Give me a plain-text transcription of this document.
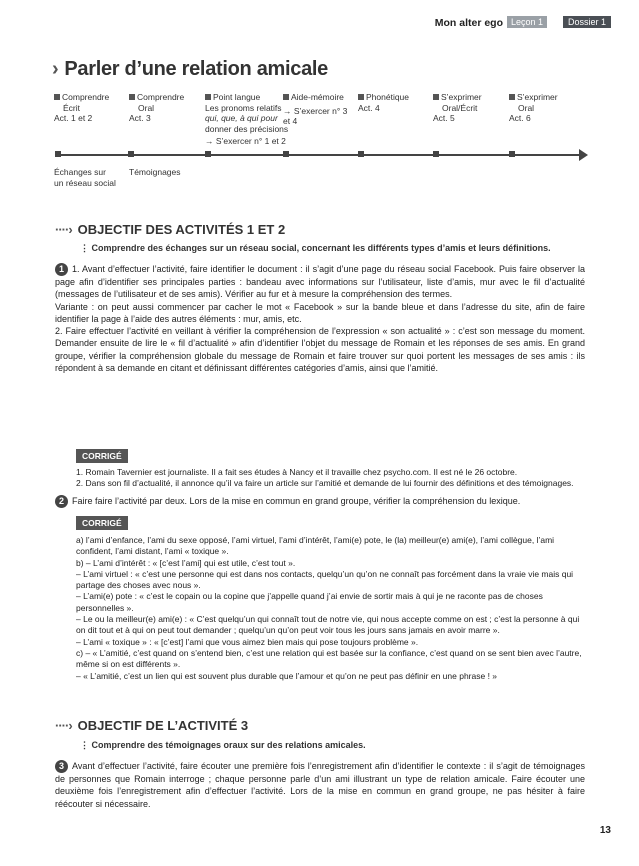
Mon alter ego Leçon 1	Dossier 1
› Parler d’une relation amicale
Comprendre
Écrit
Act. 1 et 2
Comprendre
Oral
Act. 3
Point langue
Les pronoms relatifs
qui, que, à qui pour
donner des précisions
→ S’exercer n° 1 et 2
Aide-mémoire
→ S’exercer n° 3
et 4
Phonétique
Act. 4
S’exprimer
Oral/Écrit
Act. 5
S’exprimer
Oral
Act. 6
Échanges sur
un réseau social
Témoignages
····› OBJECTIF DES ACTIVITÉS 1 ET 2
⋮ Comprendre des échanges sur un réseau social, concernant les différents types d’amis et leurs définitions.
1 1. Avant d’effectuer l’activité, faire identifier le document : il s’agit d’une page du réseau social Facebook. Puis faire observer la page afin d’identifier ses principales parties : bandeau avec informations sur l’utilisateur, liste d’amis, mur avec le fil d’actualité (messages de l’utilisateur et de ses amis). Vérifier au fur et à mesure la compréhension des termes.
Variante : on peut aussi commencer par cacher le mot « Facebook » sur la bande bleue et dans l’adresse du site, afin de faire identifier la page à l’aide des autres éléments : mur, amis, etc.
2. Faire effectuer l’activité en veillant à vérifier la compréhension de l’expression « son actualité » : c’est son message du moment. Demander ensuite de lire le « fil d’actualité » afin d’identifier l’objet du message de Romain et les réponses de ses amis. En grand groupe, vérifier la compréhension globale du message de Romain et faire trouver sur quoi portent les messages de ses amis : ils répondent à sa demande en citant et définissant différentes catégories d’amis, ainsi que l’amitié.
CORRIGÉ
1. Romain Tavernier est journaliste. Il a fait ses études à Nancy et il travaille chez psycho.com. Il est né le 26 octobre.
2. Dans son fil d’actualité, il annonce qu’il va faire un article sur l’amitié et demande de lui fournir des définitions et des témoignages.
2 Faire faire l’activité par deux. Lors de la mise en commun en grand groupe, vérifier la compréhension du lexique.
CORRIGÉ
a) l’ami d’enfance, l’ami du sexe opposé, l’ami virtuel, l’ami d’intérêt, l’ami(e) pote, le (la) meilleur(e) ami(e), l’ami collègue, l’ami confident, l’ami distant, l’ami « toxique ».
b) – L’ami d’intérêt : « [c’est l’ami] qui est utile, c’est tout ».
– L’ami virtuel : « c’est une personne qui est dans nos contacts, quelqu’un qu’on ne connaît pas forcément dans la vraie vie mais qui partage des choses avec nous ».
– L’ami(e) pote : « c’est le copain ou la copine que j’appelle quand j’ai envie de sortir mais à qui je ne raconte pas de choses personnelles ».
– Le ou la meilleur(e) ami(e) : « C’est quelqu’un qui connaît tout de notre vie, qui nous accepte comme on est ; c’est la personne à qui on dit tout et à qui on peut tout demander ; quelqu’un qu’on peut voir tous les jours sans jamais en avoir marre ».
– L’ami « toxique » : « [c’est] l’ami que vous aimez bien mais qui pose toujours problème ».
c) – « L’amitié, c’est quand on s’entend bien, c’est une relation qui est basée sur la confiance, c’est quand on se sent bien avec l’autre, même si on est différents ».
– « L’amitié, c’est un lien qui est souvent plus durable que l’amour et qu’on ne peut pas définir en une phrase ! »
····› OBJECTIF DE L’ACTIVITÉ 3
⋮ Comprendre des témoignages oraux sur des relations amicales.
3 Avant d’effectuer l’activité, faire écouter une première fois l’enregistrement afin d’identifier le contexte : il s’agit de témoignages de personnes que Romain interroge ; chaque personne parle d’un ami illustrant un type de relation amicale. Faire écouter une deuxième fois l’enregistrement afin d’effectuer l’activité. Lors de la mise en commun en grand groupe, ne pas hésiter à faire réécouter si nécessaire.
13
